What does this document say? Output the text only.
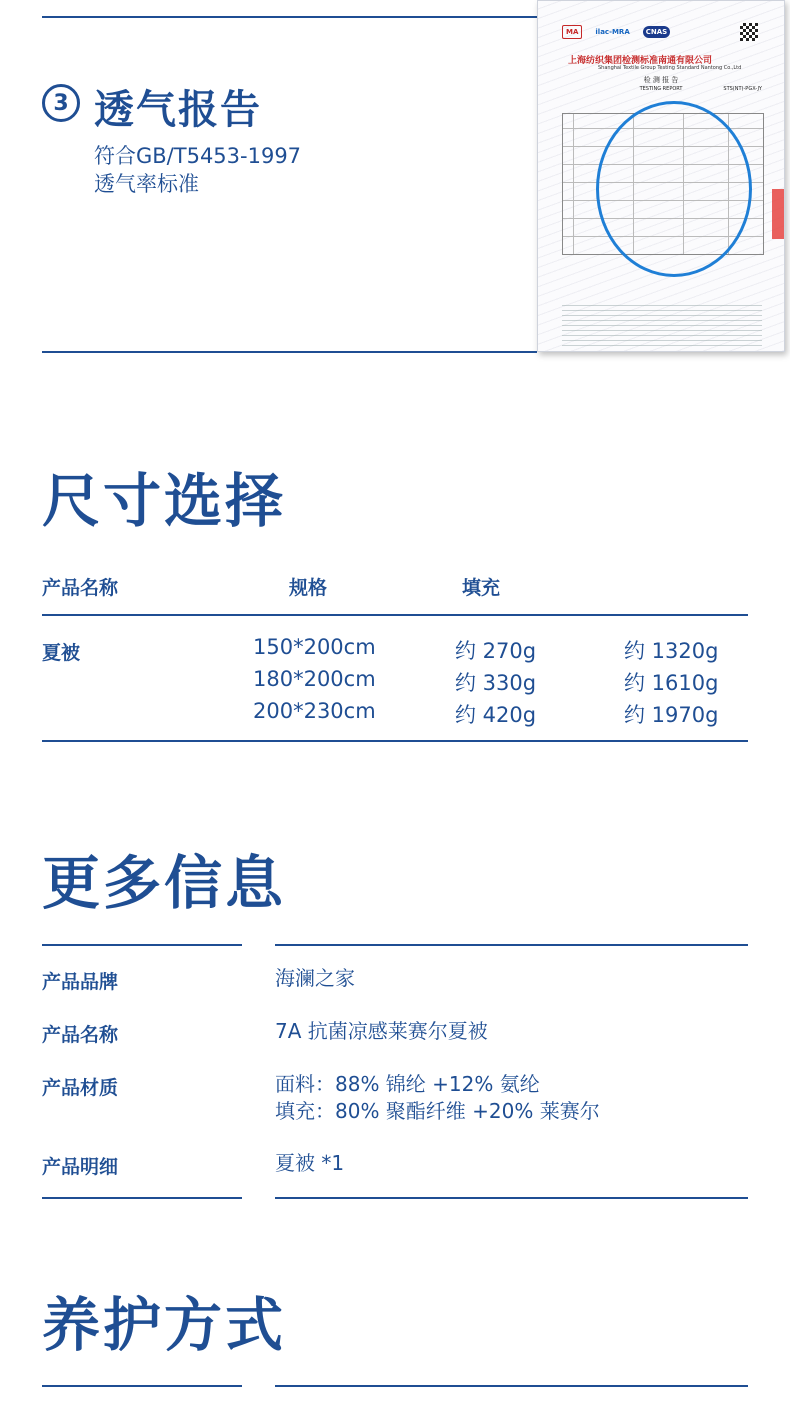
3 透气报告
符合GB/T5453-1997
透气率标准
MA	ilac-MRA	CNAS
上海纺织集团检测标准南通有限公司
Shanghai Textile Group Testing Standard Nantong Co.,Ltd
检 测 报 告
TESTING REPORT	STS(NT)-PGX-JY
尺寸选择
产品名称	规格	填充
夏被	150*200cm	约 270g	约 1320g
180*200cm	约 330g	约 1610g
200*230cm	约 420g	约 1970g
更多信息
产品品牌	海澜之家
产品名称	7A 抗菌凉感莱赛尔夏被
产品材质	面料：88% 锦纶 +12% 氨纶
填充：80% 聚酯纤维 +20% 莱赛尔
产品明细	夏被 *1
养护方式
